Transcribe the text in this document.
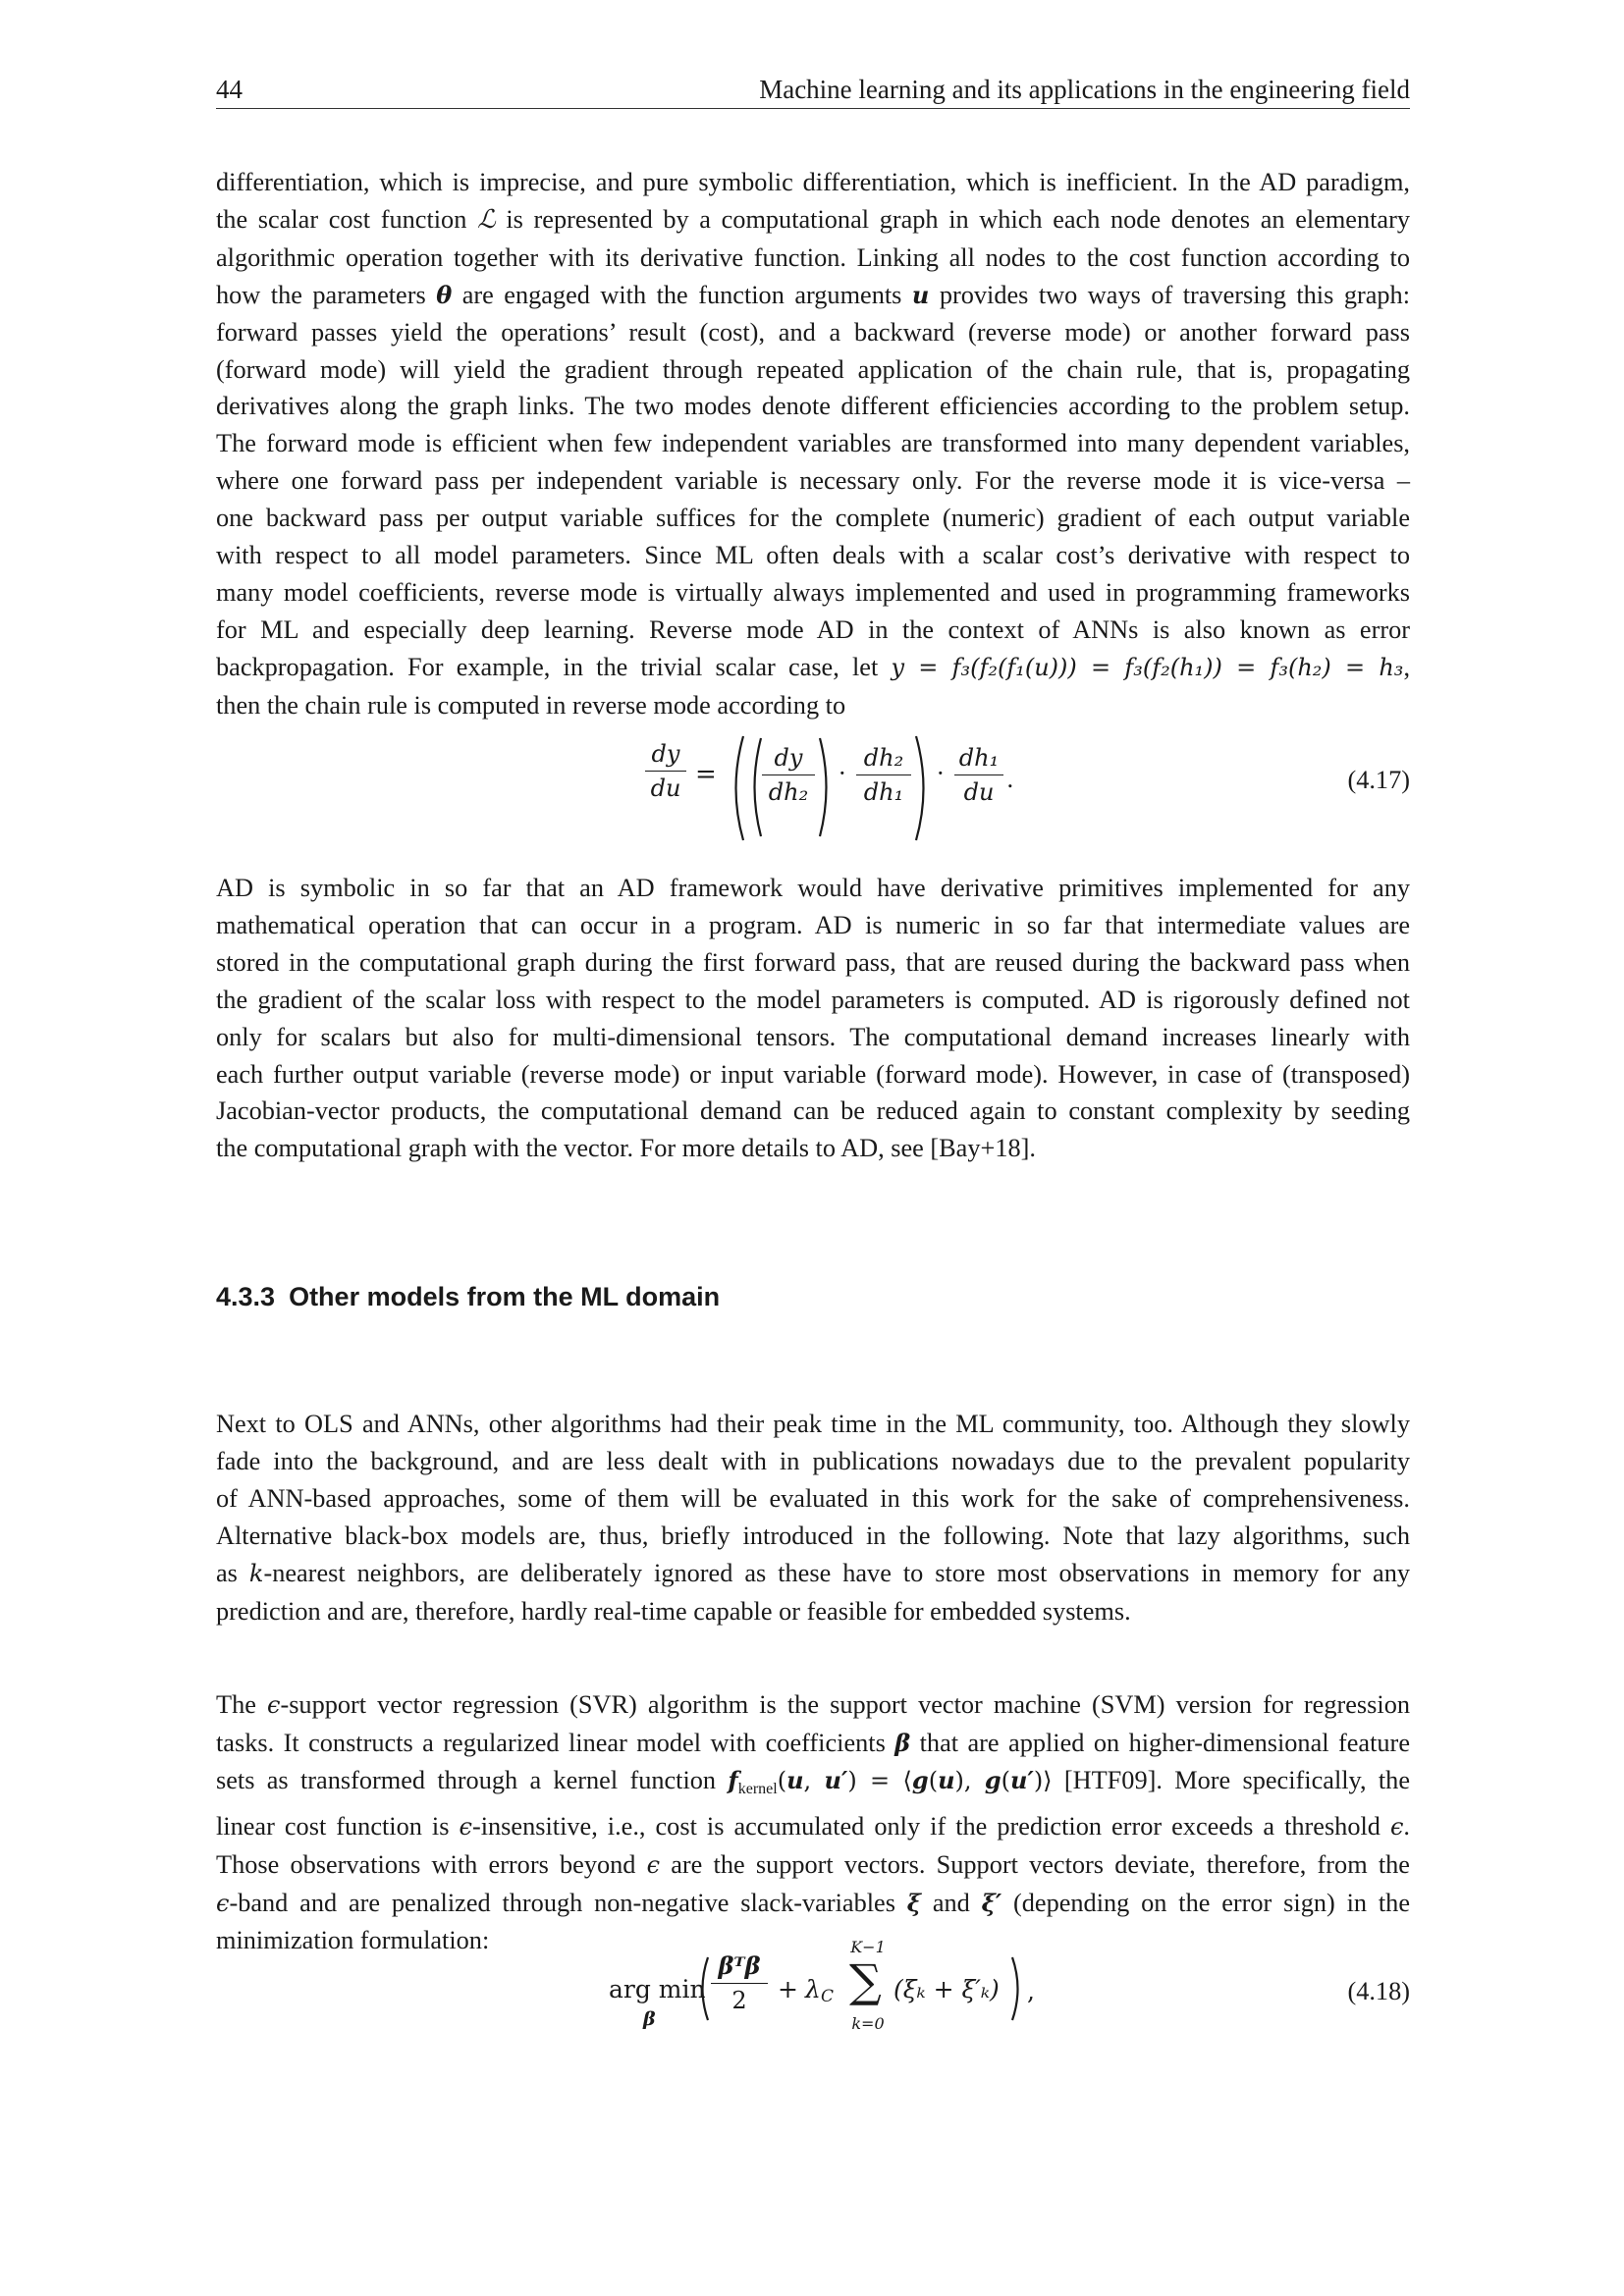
44	Machine learning and its applications in the engineering field
differentiation, which is imprecise, and pure symbolic differentiation, which is inefficient. In the AD paradigm,
the scalar cost function ℒ is represented by a computational graph in which each node denotes an elementary
algorithmic operation together with its derivative function. Linking all nodes to the cost function according to
how the parameters θ are engaged with the function arguments u provides two ways of traversing this graph:
forward passes yield the operations’ result (cost), and a backward (reverse mode) or another forward pass
(forward mode) will yield the gradient through repeated application of the chain rule, that is, propagating
derivatives along the graph links. The two modes denote different efficiencies according to the problem setup.
The forward mode is efficient when few independent variables are transformed into many dependent variables,
where one forward pass per independent variable is necessary only. For the reverse mode it is vice-versa –
one backward pass per output variable suffices for the complete (numeric) gradient of each output variable
with respect to all model parameters. Since ML often deals with a scalar cost’s derivative with respect to
many model coefficients, reverse mode is virtually always implemented and used in programming frameworks
for ML and especially deep learning. Reverse mode AD in the context of ANNs is also known as error
backpropagation. For example, in the trivial scalar case, let y = f₃(f₂(f₁(u))) = f₃(f₂(h₁)) = f₃(h₂) = h₃,
then the chain rule is computed in reverse mode according to
dy
du =
dy
dh₂
·
dh₂
dh₁
·
dh₁
du .	(4.17)
AD is symbolic in so far that an AD framework would have derivative primitives implemented for any
mathematical operation that can occur in a program. AD is numeric in so far that intermediate values are
stored in the computational graph during the first forward pass, that are reused during the backward pass when
the gradient of the scalar loss with respect to the model parameters is computed. AD is rigorously defined not
only for scalars but also for multi-dimensional tensors. The computational demand increases linearly with
each further output variable (reverse mode) or input variable (forward mode). However, in case of (transposed)
Jacobian-vector products, the computational demand can be reduced again to constant complexity by seeding
the computational graph with the vector. For more details to AD, see [Bay+18].
4.3.3 Other models from the ML domain
Next to OLS and ANNs, other algorithms had their peak time in the ML community, too. Although they slowly
fade into the background, and are less dealt with in publications nowadays due to the prevalent popularity
of ANN-based approaches, some of them will be evaluated in this work for the sake of comprehensiveness.
Alternative black-box models are, thus, briefly introduced in the following. Note that lazy algorithms, such
as k-nearest neighbors, are deliberately ignored as these have to store most observations in memory for any
prediction and are, therefore, hardly real-time capable or feasible for embedded systems.
The ϵ-support vector regression (SVR) algorithm is the support vector machine (SVM) version for regression
tasks. It constructs a regularized linear model with coefficients β that are applied on higher-dimensional feature
sets as transformed through a kernel function $f_{kernel}(u$, u′) = ⟨g(u), g(u′)⟩ [HTF09]. More specifically, the
linear cost function is ϵ-insensitive, i.e., cost is accumulated only if the prediction error exceeds a threshold ϵ.
Those observations with errors beyond ϵ are the support vectors. Support vectors deviate, therefore, from the
ϵ-band and are penalized through non-negative slack-variables ξ and ξ′ (depending on the error sign) in the
minimization formulation:
arg min
β
βᵀβ
2	+ λ C
K−1
∑
k=0
(ξₖ + ξ′ₖ) ,	(4.18)
